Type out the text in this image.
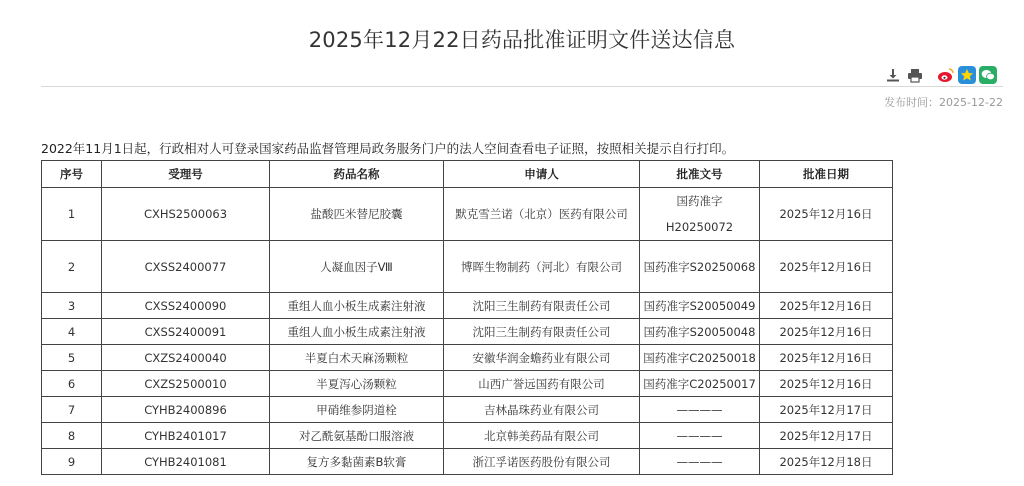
2025年12月22日药品批准证明文件送达信息
发布时间：2025-12-22
2022年11月1日起，行政相对人可登录国家药品监督管理局政务服务门户的法人空间查看电子证照，按照相关提示自行打印。
序号	受理号	药品名称	申请人	批准文号	批准日期
1	CXHS2500063	盐酸匹米替尼胶囊	默克雪兰诺（北京）医药有限公司	国药准字H20250072	2025年12月16日
2	CXSS2400077	人凝血因子Ⅷ	博晖生物制药（河北）有限公司	国药准字S20250068	2025年12月16日
3	CXSS2400090	重组人血小板生成素注射液	沈阳三生制药有限责任公司	国药准字S20050049	2025年12月16日
4	CXSS2400091	重组人血小板生成素注射液	沈阳三生制药有限责任公司	国药准字S20050048	2025年12月16日
5	CXZS2400040	半夏白术天麻汤颗粒	安徽华润金蟾药业有限公司	国药准字C20250018	2025年12月16日
6	CXZS2500010	半夏泻心汤颗粒	山西广誉远国药有限公司	国药准字C20250017	2025年12月16日
7	CYHB2400896	甲硝维参阴道栓	吉林晶珠药业有限公司	————	2025年12月17日
8	CYHB2401017	对乙酰氨基酚口服溶液	北京韩美药品有限公司	————	2025年12月17日
9	CYHB2401081	复方多黏菌素B软膏	浙江孚诺医药股份有限公司	————	2025年12月18日
